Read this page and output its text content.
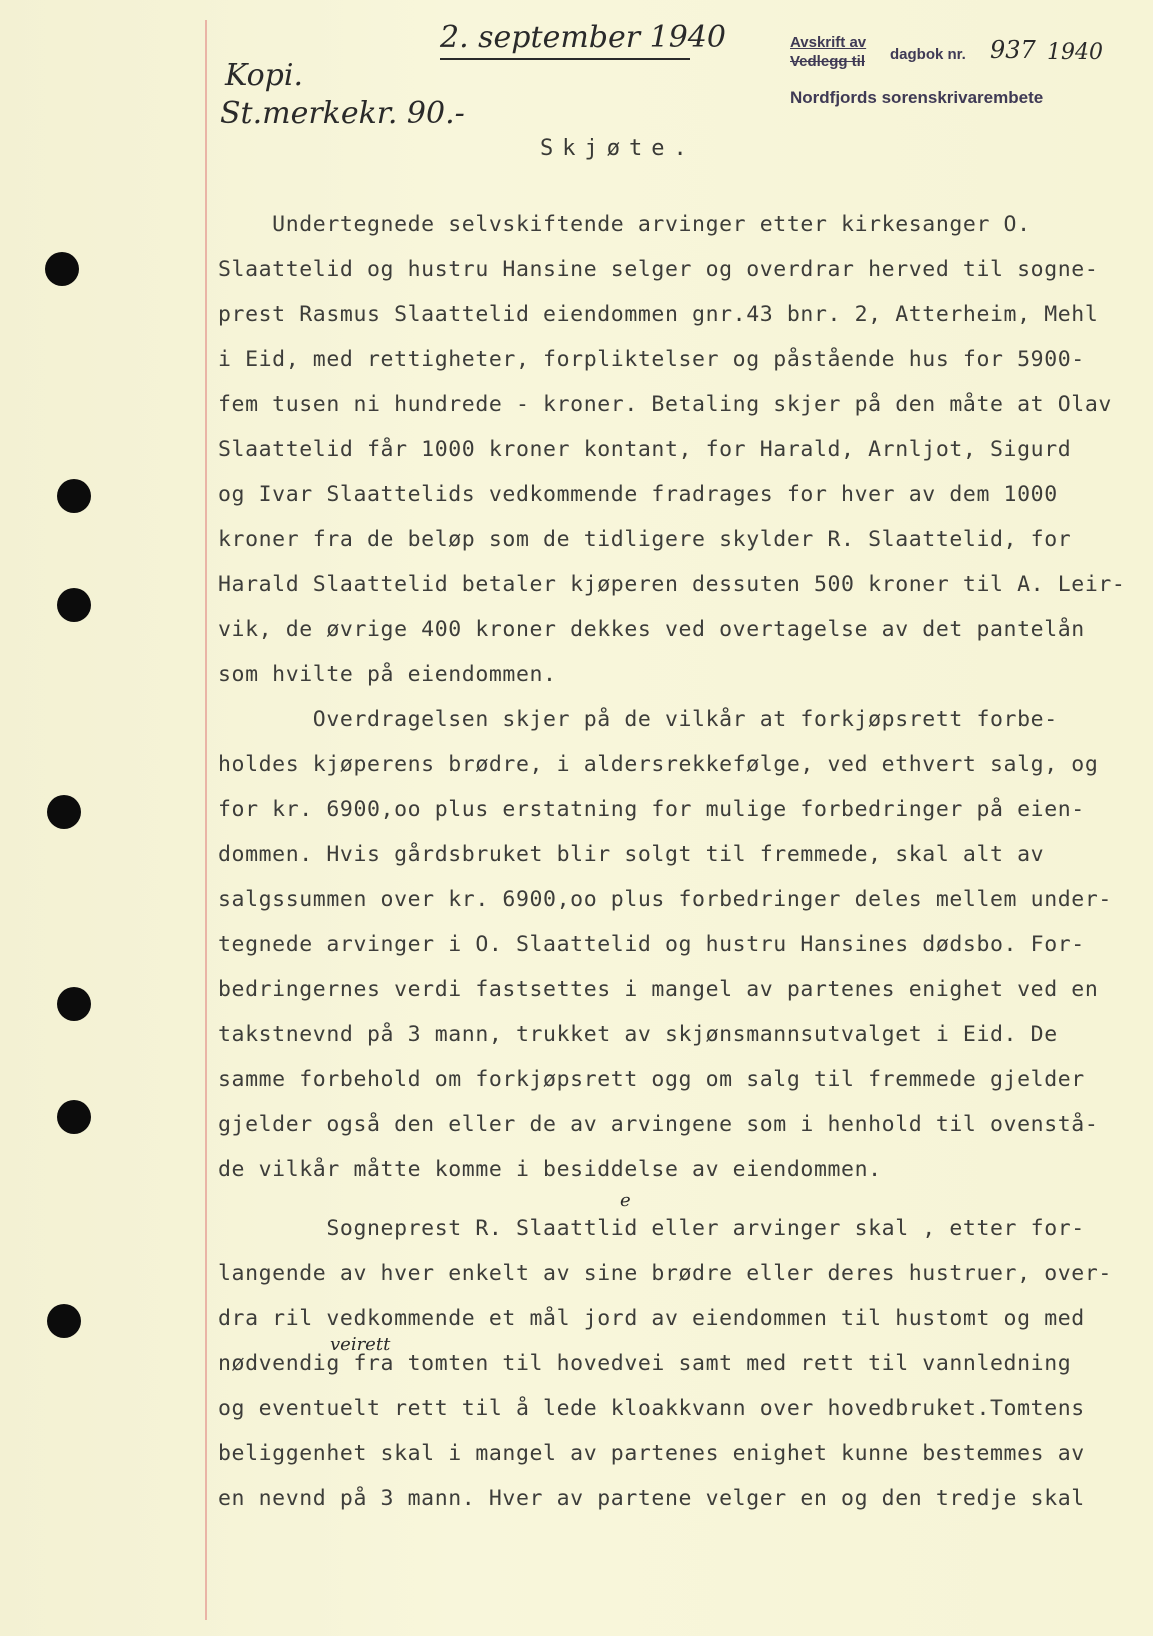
2. september 1940
Kopi.
St.merkekr. 90.-
Avskrift av
Vedlegg til dagbok nr. 937 1940
Nordfjords sorenskrivarembete
Skjøte.
Undertegnede selvskiftende arvinger etter kirkesanger O.
Slaattelid og hustru Hansine selger og overdrar herved til sogne-
prest Rasmus Slaattelid eiendommen gnr.43 bnr. 2, Atterheim, Mehl
i Eid, med rettigheter, forpliktelser og påstående hus for 5900-
fem tusen ni hundrede - kroner. Betaling skjer på den måte at Olav
Slaattelid får 1000 kroner kontant, for Harald, Arnljot, Sigurd
og Ivar Slaattelids vedkommende fradrages for hver av dem 1000
kroner fra de beløp som de tidligere skylder R. Slaattelid, for
Harald Slaattelid betaler kjøperen dessuten 500 kroner til A. Leir-
vik, de øvrige 400 kroner dekkes ved overtagelse av det pantelån
som hvilte på eiendommen.
Overdragelsen skjer på de vilkår at forkjøpsrett forbe-
holdes kjøperens brødre, i aldersrekkefølge, ved ethvert salg, og
for kr. 6900,oo plus erstatning for mulige forbedringer på eien-
dommen. Hvis gårdsbruket blir solgt til fremmede, skal alt av
salgssummen over kr. 6900,oo plus forbedringer deles mellem under-
tegnede arvinger i O. Slaattelid og hustru Hansines dødsbo. For-
bedringernes verdi fastsettes i mangel av partenes enighet ved en
takstnevnd på 3 mann, trukket av skjønsmannsutvalget i Eid. De
samme forbehold om forkjøpsrett ogg om salg til fremmede gjelder
gjelder også den eller de av arvingene som i henhold til ovenstå-
de vilkår måtte komme i besiddelse av eiendommen.
Sogneprest R. Slaattlid eller arvinger skal , etter for-
langende av hver enkelt av sine brødre eller deres hustruer, over-
dra ril vedkommende et mål jord av eiendommen til hustomt og med
nødvendig fra tomten til hovedvei samt med rett til vannledning
og eventuelt rett til å lede kloakkvann over hovedbruket.Tomtens
beliggenhet skal i mangel av partenes enighet kunne bestemmes av
en nevnd på 3 mann. Hver av partene velger en og den tredje skal
e
veirett
